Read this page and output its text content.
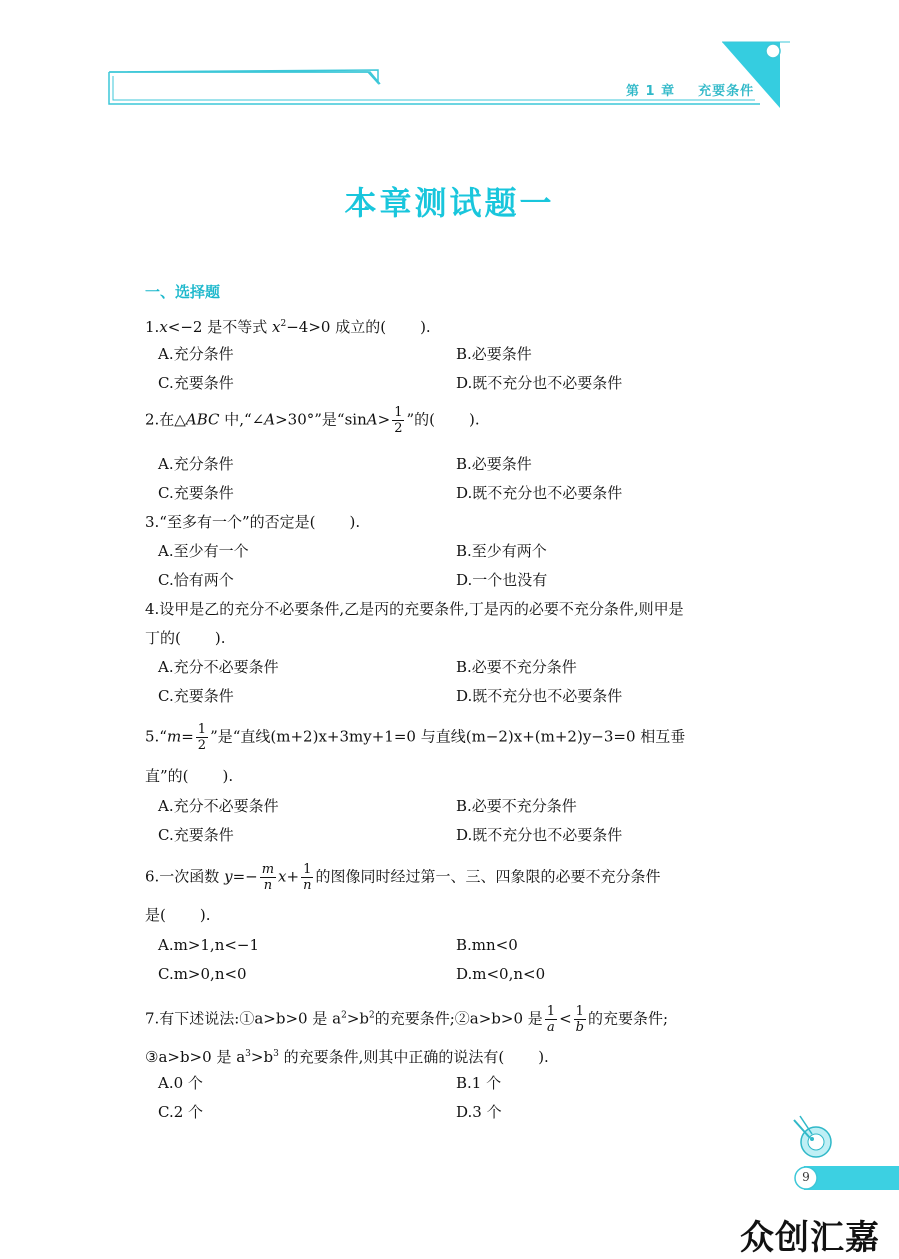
第 1 章 充要条件
本章测试题一
一、选择题
1.x<−2 是不等式 $x^2-4>0$ 成立的( ).
A.充分条件	B.必要条件
C.充要条件	D.既不充分也不必要条件
2.在△ABC 中,“∠A>30°”是“$\sin A> \frac{1}{2}$ ”的( ).
A.充分条件	B.必要条件
C.充要条件	D.既不充分也不必要条件
3.“至多有一个”的否定是( ).
A.至少有一个	B.至少有两个
C.恰有两个	D.一个也没有
4.设甲是乙的充分不必要条件,乙是丙的充要条件,丁是丙的必要不充分条件,则甲是
丁的( ).
A.充分不必要条件	B.必要不充分条件
C.充要条件	D.既不充分也不必要条件
5.“m= $\frac{1}{2}$ ”是“直线(m+2)x+3my+1=0 与直线(m−2)x+(m+2)y−3=0 相互垂
直”的( ).
A.充分不必要条件	B.必要不充分条件
C.充要条件	D.既不充分也不必要条件
6.一次函数 $y=- \frac{m}{n} x+ \frac{1}{n}$ 的图像同时经过第一、三、四象限的必要不充分条件
是( ).
A.m>1,n<−1	B.mn<0
C.m>0,n<0	D.m<0,n<0
7.有下述说法:①a>b>0 是 $a^2>b^2$的充要条件;②a>b>0 是 $\frac{1}{a} < \frac{1}{b}$ 的充要条件;
③a>b>0 是 $a^3>b^3$ 的充要条件,则其中正确的说法有( ).
A.0 个	B.1 个
C.2 个	D.3 个
9
众创汇嘉
